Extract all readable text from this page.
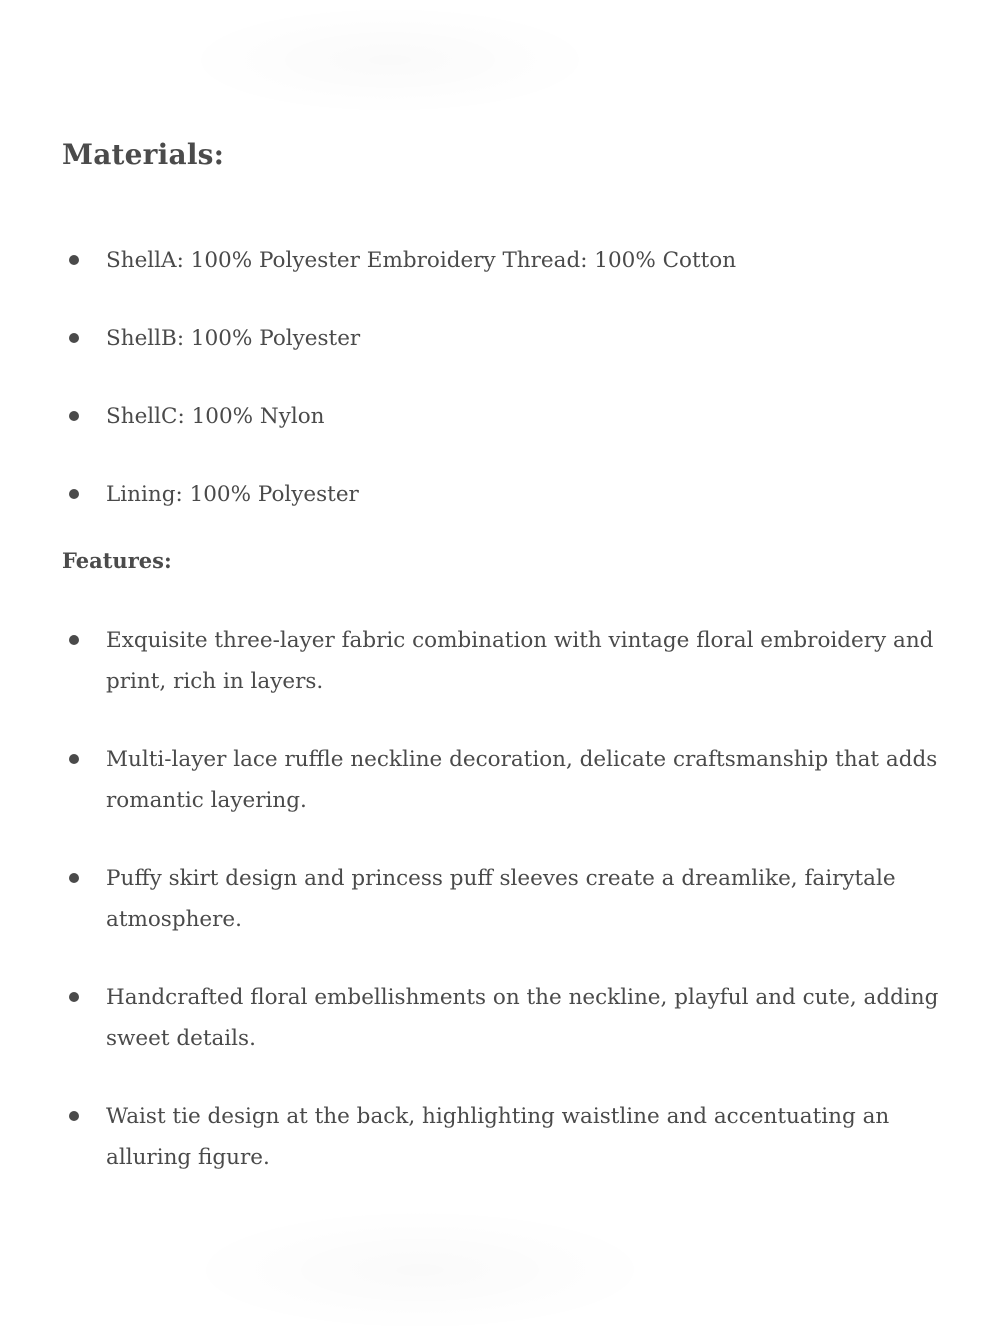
Materials:
ShellA: 100% Polyester Embroidery Thread: 100% Cotton
ShellB: 100% Polyester
ShellC: 100% Nylon
Lining: 100% Polyester
Features:
Exquisite three-layer fabric combination with vintage floral embroidery and print, rich in layers.
Multi-layer lace ruffle neckline decoration, delicate craftsmanship that adds romantic layering.
Puffy skirt design and princess puff sleeves create a dreamlike, fairytale atmosphere.
Handcrafted floral embellishments on the neckline, playful and cute, adding sweet details.
Waist tie design at the back, highlighting waistline and accentuating an alluring figure.
